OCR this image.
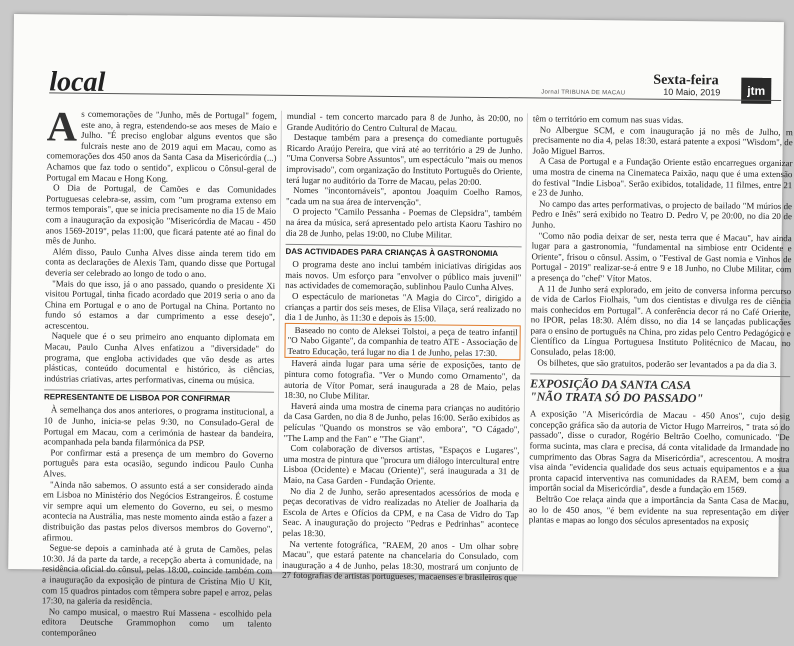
local	Jornal TRIBUNA DE MACAU
Sexta-feira
10 Maio, 2019	jtm

As comemorações de "Junho, mês de Portugal" fogem, este ano, à regra, estendendo-se aos meses de Maio e Julho. "É preciso englobar alguns eventos que são fulcrais neste ano de 2019 aqui em Macau, como as comemorações dos 450 anos da Santa Casa da Misericórdia (...) Achamos que faz todo o sentido", explicou o Cônsul-geral de Portugal em Macau e Hong Kong.

O Dia de Portugal, de Camões e das Comunidades Portuguesas celebra-se, assim, com "um programa extenso em termos temporais", que se inicia precisamente no dia 15 de Maio com a inauguração da exposição "Misericórdia de Macau - 450 anos 1569-2019", pelas 11:00, que ficará patente até ao final do mês de Junho.

Além disso, Paulo Cunha Alves disse ainda terem tido em conta as declarações de Alexis Tam, quando disse que Portugal deveria ser celebrado ao longo de todo o ano.

"Mais do que isso, já o ano passado, quando o presidente Xi visitou Portugal, tinha ficado acordado que 2019 seria o ano da China em Portugal e o ano de Portugal na China. Portanto no fundo só estamos a dar cumprimento a esse desejo", acrescentou.

Naquele que é o seu primeiro ano enquanto diplomata em Macau, Paulo Cunha Alves enfatizou a "diversidade" do programa, que engloba actividades que vão desde as artes plásticas, conteúdo documental e histórico, às ciências, indústrias criativas, artes performativas, cinema ou música.

REPRESENTANTE DE LISBOA POR CONFIRMAR

À semelhança dos anos anteriores, o programa institucional, a 10 de Junho, inicia-se pelas 9:30, no Consulado-Geral de Portugal em Macau, com a cerimónia de hastear da bandeira, acompanhada pela banda filarmónica da PSP.

Por confirmar está a presença de um membro do Governo português para esta ocasião, segundo indicou Paulo Cunha Alves.

"Ainda não sabemos. O assunto está a ser considerado ainda em Lisboa no Ministério dos Negócios Estrangeiros. É costume vir sempre aqui um elemento do Governo, eu sei, o mesmo acontecia na Austrália, mas neste momento ainda estão a fazer a distribuição das pastas pelos diversos membros do Governo", afirmou.

Segue-se depois a caminhada até à gruta de Camões, pelas 10:30. Já da parte da tarde, a recepção aberta à comunidade, na residência oficial do cônsul, pelas 18:00, coincide também com a inauguração da exposição de pintura de Cristina Mio U Kit, com 15 quadros pintados com têmpera sobre papel e arroz, pelas 17:30, na galeria da residência.

No campo musical, o maestro Rui Massena - escolhido pela editora Deutsche Grammophon como um talento contemporâneo

mundial - tem concerto marcado para 8 de Junho, às 20:00, no Grande Auditório do Centro Cultural de Macau.

Destaque também para a presença do comediante português Ricardo Araújo Pereira, que virá até ao território a 29 de Junho. "Uma Conversa Sobre Assuntos", um espectáculo "mais ou menos improvisado", com organização do Instituto Português do Oriente, terá lugar no auditório da Torre de Macau, pelas 20:00.

Nomes "incontornáveis", apontou Joaquim Coelho Ramos, "cada um na sua área de intervenção".

O projecto "Camilo Pessanha - Poemas de Clepsidra", também na área da música, será apresentado pelo artista Kaoru Tashiro no dia 28 de Junho, pelas 19:00, no Clube Militar.

DAS ACTIVIDADES PARA CRIANÇAS À GASTRONOMIA

O programa deste ano inclui também iniciativas dirigidas aos mais novos. Um esforço para "envolver o público mais juvenil" nas actividades de comemoração, sublinhou Paulo Cunha Alves.

O espectáculo de marionetas "A Magia do Circo", dirigido a crianças a partir dos seis meses, de Elisa Vilaça, será realizado no dia 1 de Junho, às 11:30 e depois às 15:00.

Baseado no conto de Aleksei Tolstoi, a peça de teatro infantil "O Nabo Gigante", da companhia de teatro ATE - Associação de Teatro Educação, terá lugar no dia 1 de Junho, pelas 17:30.

Haverá ainda lugar para uma série de exposições, tanto de pintura como fotografia. "Ver o Mundo como Ornamento", da autoria de Vítor Pomar, será inaugurada a 28 de Maio, pelas 18:30, no Clube Militar.

Haverá ainda uma mostra de cinema para crianças no auditório da Casa Garden, no dia 8 de Junho, pelas 16:00. Serão exibidos as películas "Quando os monstros se vão embora", "O Cágado", "The Lamp and the Fan" e "The Giant".

Com colaboração de diversos artistas, "Espaços e Lugares", uma mostra de pintura que "procura um diálogo intercultural entre Lisboa (Ocidente) e Macau (Oriente)", será inaugurada a 31 de Maio, na Casa Garden - Fundação Oriente.

No dia 2 de Junho, serão apresentados acessórios de moda e peças decorativas de vidro realizadas no Atelier de Joalharia da Escola de Artes e Ofícios da CPM, e na Casa de Vidro do Tap Seac. A inauguração do projecto "Pedras e Pedrinhas" acontece pelas 18:30.

Na vertente fotográfica, "RAEM, 20 anos - Um olhar sobre Macau", que estará patente na chancelaria do Consulado, com inauguração a 4 de Junho, pelas 18:30, mostrará um conjunto de 27 fotografias de artistas portugueses, macaenses e brasileiros que

têm o território em comum nas suas vidas.

No Albergue SCM, e com inauguração já no mês de Julho, m precisamente no dia 4, pelas 18:30, estará patente a exposi "Wisdom", de João Miguel Barros.

A Casa de Portugal e a Fundação Oriente estão encarregues organizar uma mostra de cinema na Cinemateca Paixão, naqu que é uma extensão do festival "Indie Lisboa". Serão exibidos, totalidade, 11 filmes, entre 21 e 23 de Junho.

No campo das artes performativas, o projecto de bailado "M múrios de Pedro e Inês" será exibido no Teatro D. Pedro V, pe 20:00, no dia 20 de Junho.

"Como não podia deixar de ser, nesta terra que é Macau", hav ainda lugar para a gastronomia, "fundamental na simbiose entr Ocidente e Oriente", frisou o cônsul. Assim, o "Festival de Gast nomia e Vinhos de Portugal - 2019" realizar-se-á entre 9 e 18 Junho, no Clube Militar, com a presença do "chef" Vítor Matos.

A 11 de Junho será explorado, em jeito de conversa informa percurso de vida de Carlos Fiolhais, "um dos cientistas e divulga res de ciência mais conhecidos em Portugal". A conferência decor rá no Café Oriente, no IPOR, pelas 18:30. Além disso, no dia 14 se lançadas publicações para o ensino de português na China, pro zidas pelo Centro Pedagógico e Científico da Língua Portuguesa Instituto Politécnico de Macau, no Consulado, pelas 18:00.

Os bilhetes, que são gratuitos, poderão ser levantados a pa da dia 3.

EXPOSIÇÃO DA SANTA CASA
"NÃO TRATA SÓ DO PASSADO"

A exposição "A Misericórdia de Macau - 450 Anos", cujo desig concepção gráfica são da autoria de Victor Hugo Marreiros, " trata só do passado", disse o curador, Rogério Beltrão Coelho, comunicado. "De forma sucinta, mas clara e precisa, dá conta vitalidade da Irmandade no cumprimento das Obras Sagra da Misericórdia", acrescentou. A mostra visa ainda "evidencia qualidade dos seus actuais equipamentos e a sua pronta capacid interventiva nas comunidades da RAEM, bem como a importân social da Misericórdia", desde a fundação em 1569.

Beltrão Coe relaça ainda que a importância da Santa Casa de Macau, ao lo de 450 anos, "é bem evidente na sua representação em diver plantas e mapas ao longo dos séculos apresentados na exposiç
